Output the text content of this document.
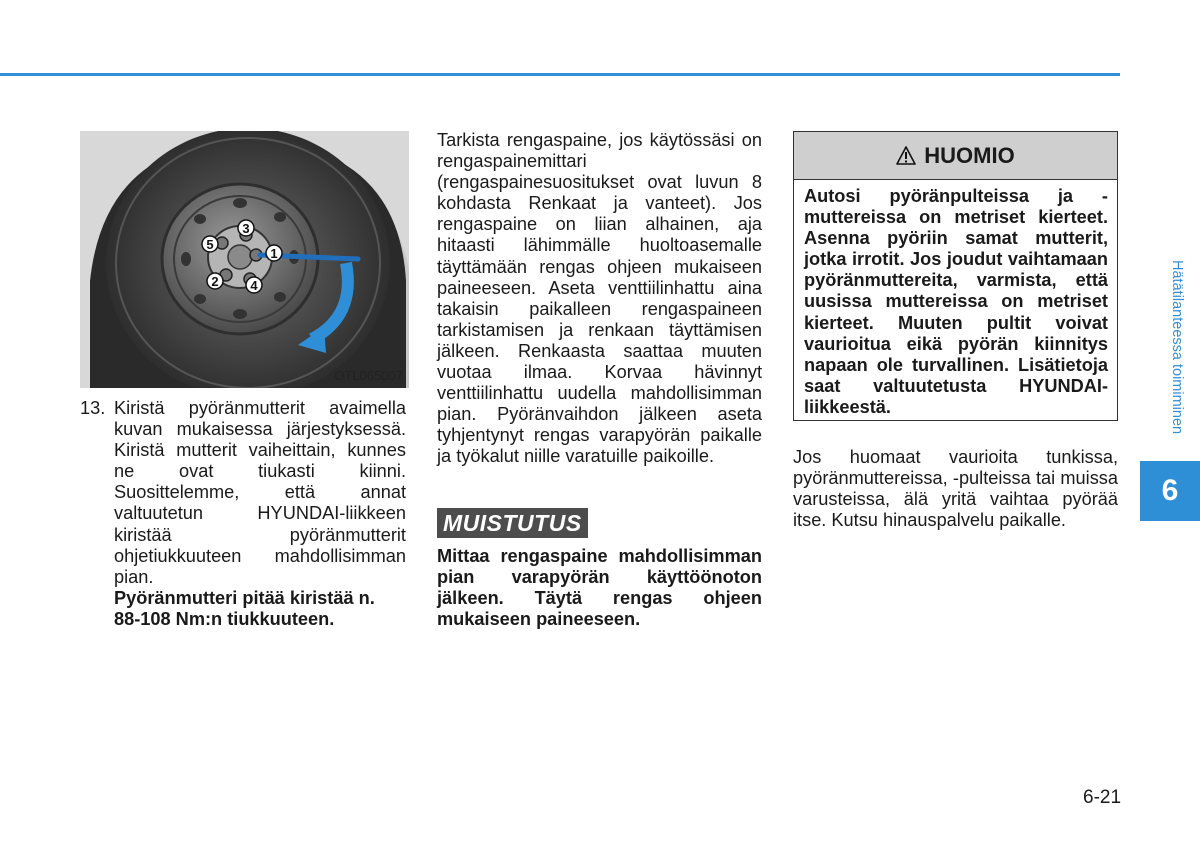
1
2
3
4
5
OTL065007
13. Kiristä pyöränmutterit avaimella kuvan mukaisessa järjestyksessä. Kiristä mutterit vaiheittain, kunnes ne ovat tiukasti kiinni. Suosittelemme, että annat valtuutetun HYUNDAI-liikkeen kiristää pyöränmutterit ohjetiukkuuteen mahdollisimman pian.
Pyöränmutteri pitää kiristää n. 88-108 Nm:n tiukkuuteen.

Tarkista rengaspaine, jos käytössäsi on rengaspainemittari (rengaspainesuositukset ovat luvun 8 kohdasta Renkaat ja vanteet). Jos rengaspaine on liian alhainen, aja hitaasti lähimmälle huoltoasemalle täyttämään rengas ohjeen mukaiseen paineeseen. Aseta venttiilinhattu aina takaisin paikalleen rengaspaineen tarkistamisen ja renkaan täyttämisen jälkeen. Renkaasta saattaa muuten vuotaa ilmaa. Korvaa hävinnyt venttiilinhattu uudella mahdollisimman pian. Pyöränvaihdon jälkeen aseta tyhjentynyt rengas varapyörän paikalle ja työkalut niille varatuille paikoille.

MUISTUTUS
Mittaa rengaspaine mahdollisimman pian varapyörän käyttöönoton jälkeen. Täytä rengas ohjeen mukaiseen paineeseen.
HUOMIO
Autosi pyöränpulteissa ja -muttereissa on metriset kierteet. Asenna pyöriin samat mutterit, jotka irrotit. Jos joudut vaihtamaan pyöränmuttereita, varmista, että uusissa muttereissa on metriset kierteet. Muuten pultit voivat vaurioitua eikä pyörän kiinnitys napaan ole turvallinen. Lisätietoja saat valtuutetusta HYUNDAI-liikkeestä.

Jos huomaat vaurioita tunkissa, pyöränmuttereissa, -pulteissa tai muissa varusteissa, älä yritä vaihtaa pyörää itse. Kutsu hinauspalvelu paikalle.

Hätätilanteessa toimiminen
6
6-21
